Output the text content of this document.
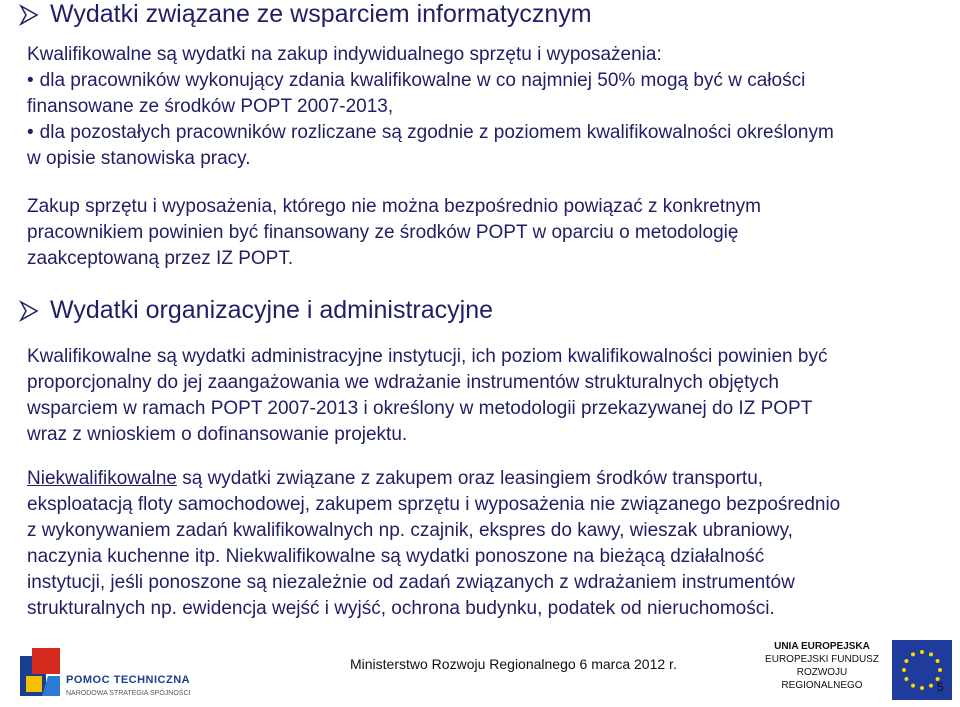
Wydatki związane ze wsparciem informatycznym

Kwalifikowalne są wydatki na zakup indywidualnego sprzętu i wyposażenia:

• dla pracowników wykonujący zdania kwalifikowalne w co najmniej 50% mogą być w całości

finansowane ze środków POPT 2007-2013,

• dla pozostałych pracowników rozliczane są zgodnie z poziomem kwalifikowalności określonym

w opisie stanowiska pracy.

Zakup sprzętu i wyposażenia, którego nie można bezpośrednio powiązać z konkretnym

pracownikiem powinien być finansowany ze środków POPT w oparciu o metodologię

zaakceptowaną przez IZ POPT.

Wydatki organizacyjne i administracyjne

Kwalifikowalne są wydatki administracyjne instytucji, ich poziom kwalifikowalności powinien być

proporcjonalny do jej zaangażowania we wdrażanie instrumentów strukturalnych objętych

wsparciem w ramach POPT 2007-2013 i określony w metodologii przekazywanej do IZ POPT

wraz z wnioskiem o dofinansowanie projektu.

Niekwalifikowalne są wydatki związane z zakupem oraz leasingiem środków transportu,

eksploatacją floty samochodowej, zakupem sprzętu i wyposażenia nie związanego bezpośrednio

z wykonywaniem zadań kwalifikowalnych np. czajnik, ekspres do kawy, wieszak ubraniowy,

naczynia kuchenne itp. Niekwalifikowalne są wydatki ponoszone na bieżącą działalność

instytucji, jeśli ponoszone są niezależnie od zadań związanych z wdrażaniem instrumentów

strukturalnych np. ewidencja wejść i wyjść, ochrona budynku, podatek od nieruchomości.

POMOC TECHNICZNA
NARODOWA STRATEGIA SPÓJNOŚCI
Ministerstwo Rozwoju Regionalnego 6 marca 2012 r.
UNIA EUROPEJSKA
EUROPEJSKI FUNDUSZ
ROZWOJU REGIONALNEGO	5
